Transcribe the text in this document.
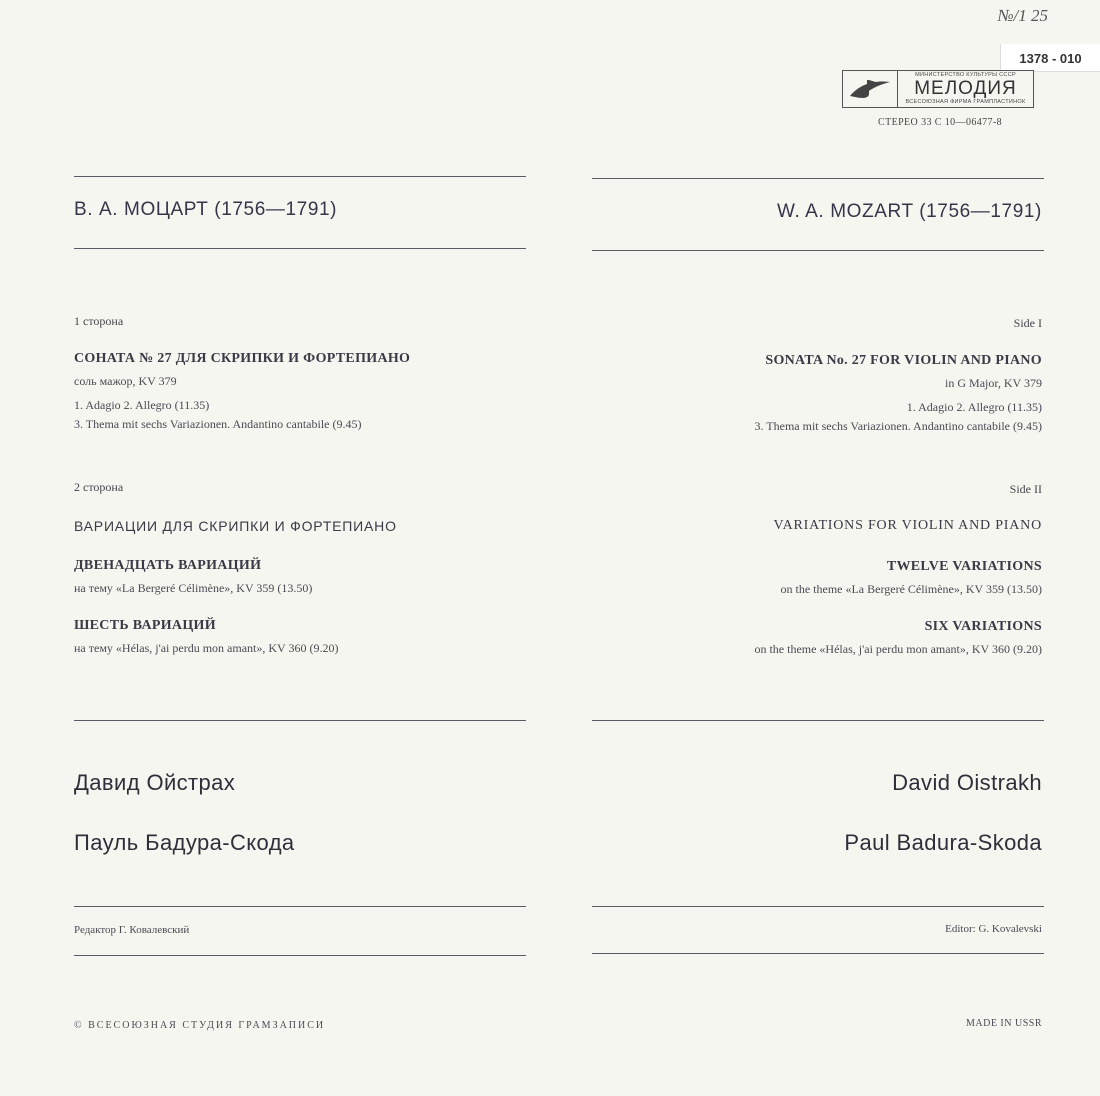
№/1 25
1378 - 010
МИНИСТЕРСТВО КУЛЬТУРЫ СССР
МЕЛОДИЯ
ВСЕСОЮЗНАЯ ФИРМА ГРАМПЛАСТИНОК
СТЕРЕО 33 С 10—06477-8
В. А. МОЦАРТ (1756—1791)
1 сторона
СОНАТА № 27 ДЛЯ СКРИПКИ И ФОРТЕПИАНО
соль мажор, KV 379
1. Adagio 2. Allegro (11.35)
3. Thema mit sechs Variazionen. Andantino cantabile (9.45)
2 сторона
ВАРИАЦИИ ДЛЯ СКРИПКИ И ФОРТЕПИАНО
ДВЕНАДЦАТЬ ВАРИАЦИЙ
на тему «La Bergeré Célimène», KV 359 (13.50)
ШЕСТЬ ВАРИАЦИЙ
на тему «Hélas, j'ai perdu mon amant», KV 360 (9.20)
Давид Ойстрах
Пауль Бадура-Скода
Редактор Г. Ковалевский
© ВСЕСОЮЗНАЯ СТУДИЯ ГРАМЗАПИСИ
W. A. MOZART (1756—1791)
Side I
SONATA No. 27 FOR VIOLIN AND PIANO
in G Major, KV 379
1. Adagio 2. Allegro (11.35)
3. Thema mit sechs Variazionen. Andantino cantabile (9.45)
Side II
VARIATIONS FOR VIOLIN AND PIANO
TWELVE VARIATIONS
on the theme «La Bergeré Célimène», KV 359 (13.50)
SIX VARIATIONS
on the theme «Hélas, j'ai perdu mon amant», KV 360 (9.20)
David Oistrakh
Paul Badura-Skoda
Editor: G. Kovalevski
MADE IN USSR
